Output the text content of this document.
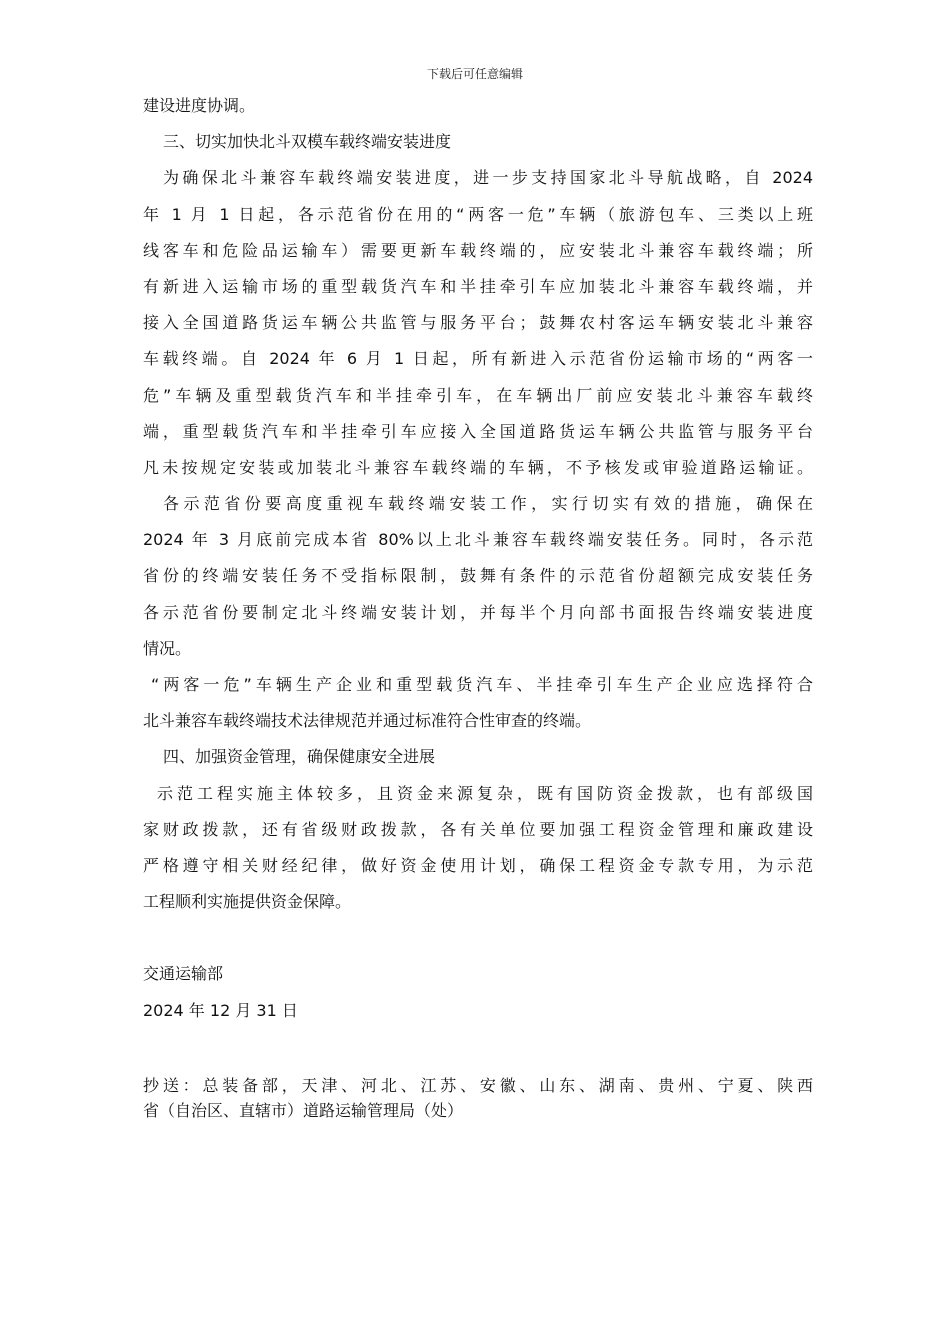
下载后可任意编辑
建设进度协调。
三、切实加快北斗双模车载终端安装进度
为确保北斗兼容车载终端安装进度，进一步支持国家北斗导航战略，自 2024
年 1 月 1 日起，各示范省份在用的“两客一危”车辆（旅游包车、三类以上班
线客车和危险品运输车）需要更新车载终端的，应安装北斗兼容车载终端；所
有新进入运输市场的重型载货汽车和半挂牵引车应加装北斗兼容车载终端，并
接入全国道路货运车辆公共监管与服务平台；鼓舞农村客运车辆安装北斗兼容
车载终端。自 2024 年 6 月 1 日起，所有新进入示范省份运输市场的“两客一
危”车辆及重型载货汽车和半挂牵引车，在车辆出厂前应安装北斗兼容车载终
端，重型载货汽车和半挂牵引车应接入全国道路货运车辆公共监管与服务平台
凡未按规定安装或加装北斗兼容车载终端的车辆，不予核发或审验道路运输证。
各示范省份要高度重视车载终端安装工作，实行切实有效的措施，确保在
2024 年 3 月底前完成本省 80%以上北斗兼容车载终端安装任务。同时，各示范
省份的终端安装任务不受指标限制，鼓舞有条件的示范省份超额完成安装任务
各示范省份要制定北斗终端安装计划，并每半个月向部书面报告终端安装进度
情况。
“两客一危”车辆生产企业和重型载货汽车、半挂牵引车生产企业应选择符合
北斗兼容车载终端技术法律规范并通过标准符合性审查的终端。
四、加强资金管理，确保健康安全进展
示范工程实施主体较多，且资金来源复杂，既有国防资金拨款，也有部级国
家财政拨款，还有省级财政拨款，各有关单位要加强工程资金管理和廉政建设
严格遵守相关财经纪律，做好资金使用计划，确保工程资金专款专用，为示范
工程顺利实施提供资金保障。
交通运输部
2024 年 12 月 31 日
抄送：总装备部，天津、河北、江苏、安徽、山东、湖南、贵州、宁夏、陕西
省（自治区、直辖市）道路运输管理局（处）
